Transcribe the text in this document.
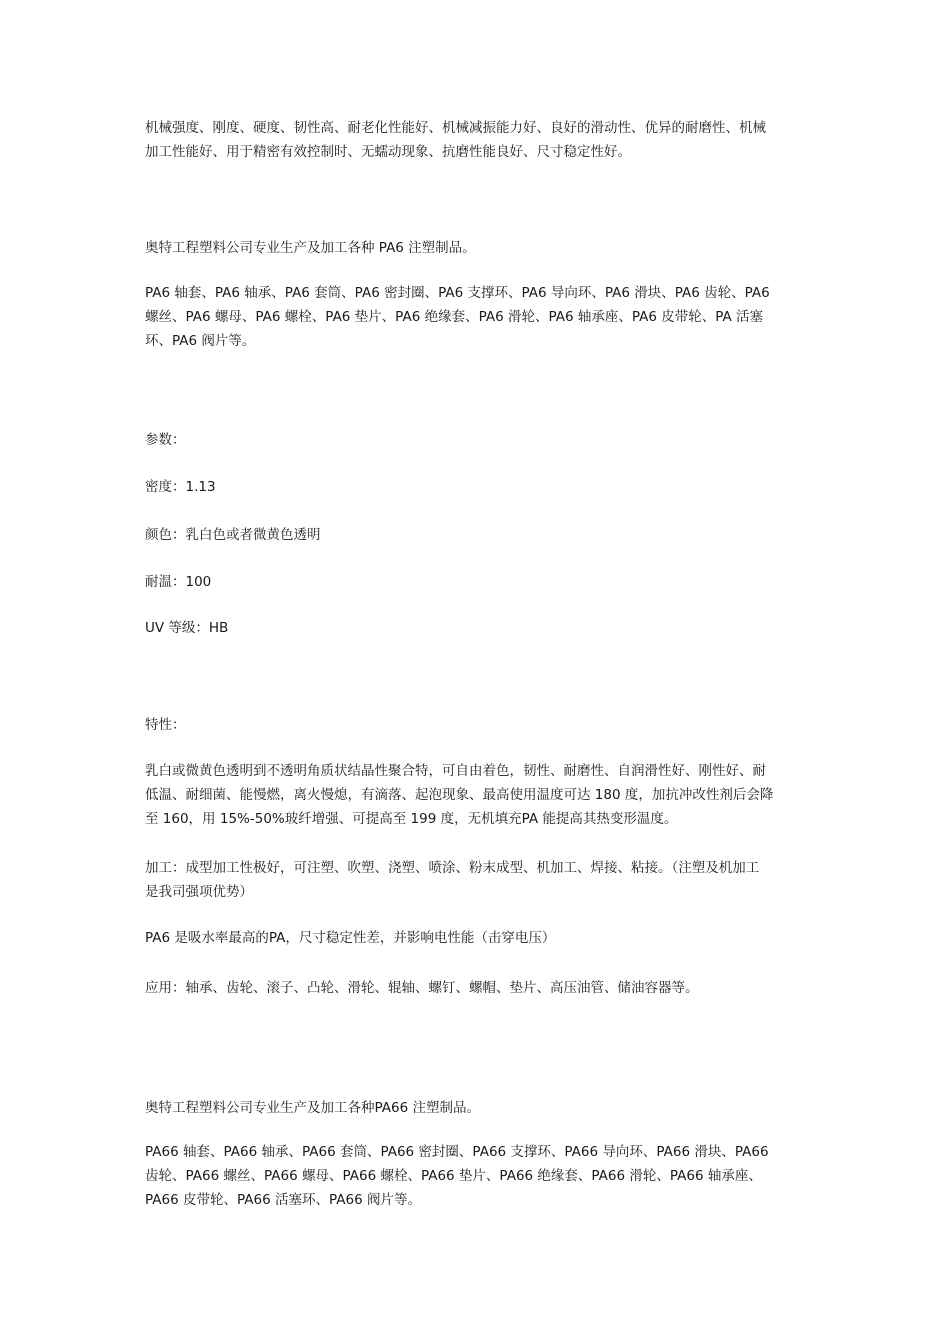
机械强度、刚度、硬度、韧性高、耐老化性能好、机械减振能力好、良好的滑动性、优异的耐磨性、机械
加工性能好、用于精密有效控制时、无蠕动现象、抗磨性能良好、尺寸稳定性好。
奥特工程塑料公司专业生产及加工各种 PA6 注塑制品。
PA6 轴套、PA6 轴承、PA6 套筒、PA6 密封圈、PA6 支撑环、PA6 导向环、PA6 滑块、PA6 齿轮、PA6
螺丝、PA6 螺母、PA6 螺栓、PA6 垫片、PA6 绝缘套、PA6 滑轮、PA6 轴承座、PA6 皮带轮、PA 活塞
环、PA6 阀片等。
参数：
密度：1.13
颜色：乳白色或者微黄色透明
耐温：100
UV 等级：HB
特性：
乳白或微黄色透明到不透明角质状结晶性聚合特，可自由着色，韧性、耐磨性、自润滑性好、刚性好、耐
低温、耐细菌、能慢燃，离火慢熄，有滴落、起泡现象、最高使用温度可达 180 度，加抗冲改性剂后会降
至 160，用 15%-50%玻纤增强、可提高至 199 度，无机填充PA 能提高其热变形温度。
加工：成型加工性极好，可注塑、吹塑、浇塑、喷涂、粉末成型、机加工、焊接、粘接。（注塑及机加工
是我司强项优势）
PA6 是吸水率最高的PA，尺寸稳定性差，并影响电性能（击穿电压）
应用：轴承、齿轮、滚子、凸轮、滑轮、辊轴、螺钉、螺帽、垫片、高压油管、储油容器等。
奥特工程塑料公司专业生产及加工各种PA66 注塑制品。
PA66 轴套、PA66 轴承、PA66 套筒、PA66 密封圈、PA66 支撑环、PA66 导向环、PA66 滑块、PA66
齿轮、PA66 螺丝、PA66 螺母、PA66 螺栓、PA66 垫片、PA66 绝缘套、PA66 滑轮、PA66 轴承座、
PA66 皮带轮、PA66 活塞环、PA66 阀片等。
